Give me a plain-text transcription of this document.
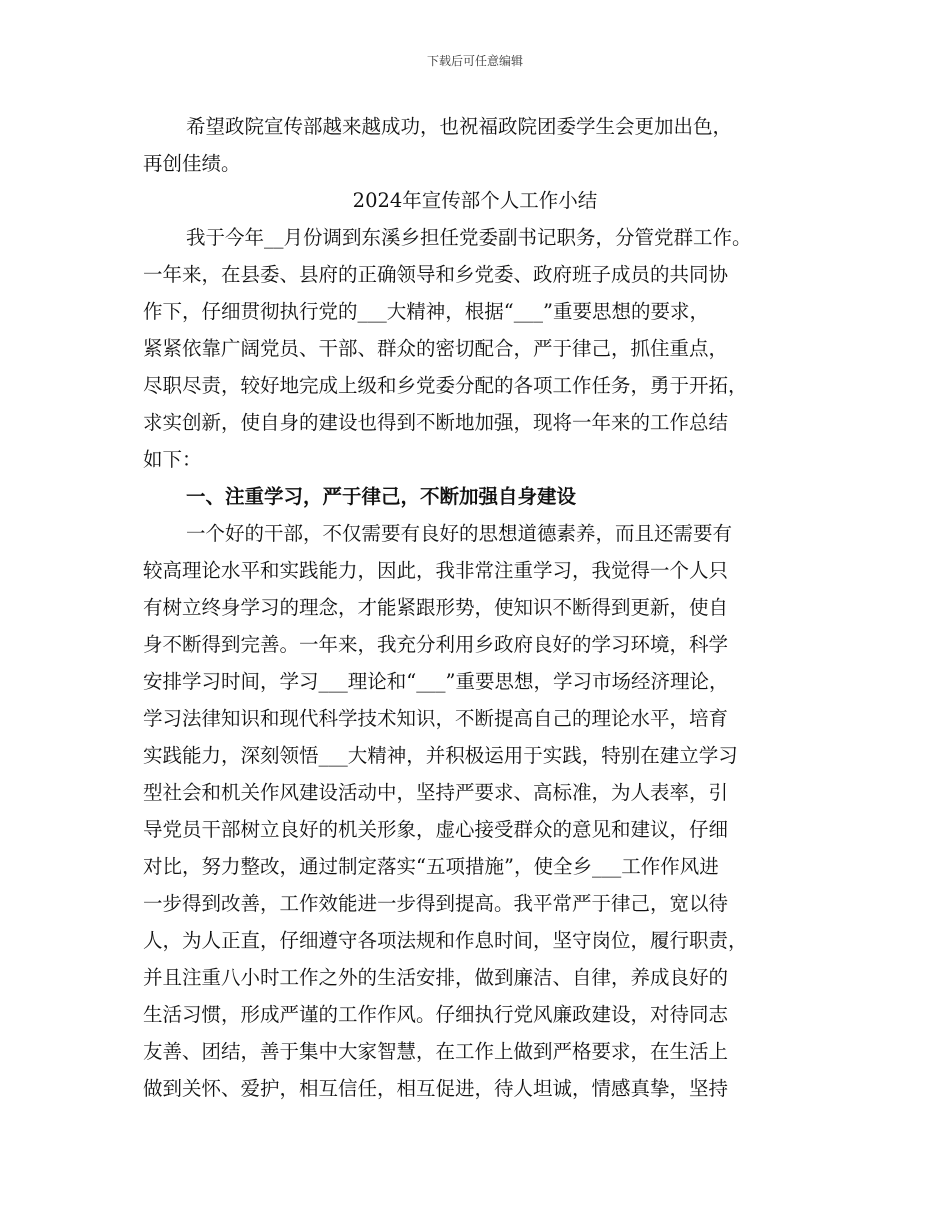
下载后可任意编辑
希望政院宣传部越来越成功，也祝福政院团委学生会更加出色，
再创佳绩。
2024年宣传部个人工作小结
我于今年__月份调到东溪乡担任党委副书记职务，分管党群工作。
一年来，在县委、县府的正确领导和乡党委、政府班子成员的共同协
作下，仔细贯彻执行党的___大精神，根据“___”重要思想的要求，
紧紧依靠广阔党员、干部、群众的密切配合，严于律己，抓住重点，
尽职尽责，较好地完成上级和乡党委分配的各项工作任务，勇于开拓，
求实创新，使自身的建设也得到不断地加强，现将一年来的工作总结
如下：
一、注重学习，严于律己，不断加强自身建设
一个好的干部，不仅需要有良好的思想道德素养，而且还需要有
较高理论水平和实践能力，因此，我非常注重学习，我觉得一个人只
有树立终身学习的理念，才能紧跟形势，使知识不断得到更新，使自
身不断得到完善。一年来，我充分利用乡政府良好的学习环境，科学
安排学习时间，学习___理论和“___”重要思想，学习市场经济理论，
学习法律知识和现代科学技术知识，不断提高自己的理论水平，培育
实践能力，深刻领悟___大精神，并积极运用于实践，特别在建立学习
型社会和机关作风建设活动中，坚持严要求、高标准，为人表率，引
导党员干部树立良好的机关形象，虚心接受群众的意见和建议，仔细
对比，努力整改，通过制定落实“五项措施”，使全乡___工作作风进
一步得到改善，工作效能进一步得到提高。我平常严于律己，宽以待
人，为人正直，仔细遵守各项法规和作息时间，坚守岗位，履行职责，
并且注重八小时工作之外的生活安排，做到廉洁、自律，养成良好的
生活习惯，形成严谨的工作作风。仔细执行党风廉政建设，对待同志
友善、团结，善于集中大家智慧，在工作上做到严格要求，在生活上
做到关怀、爱护，相互信任，相互促进，待人坦诚，情感真挚，坚持
